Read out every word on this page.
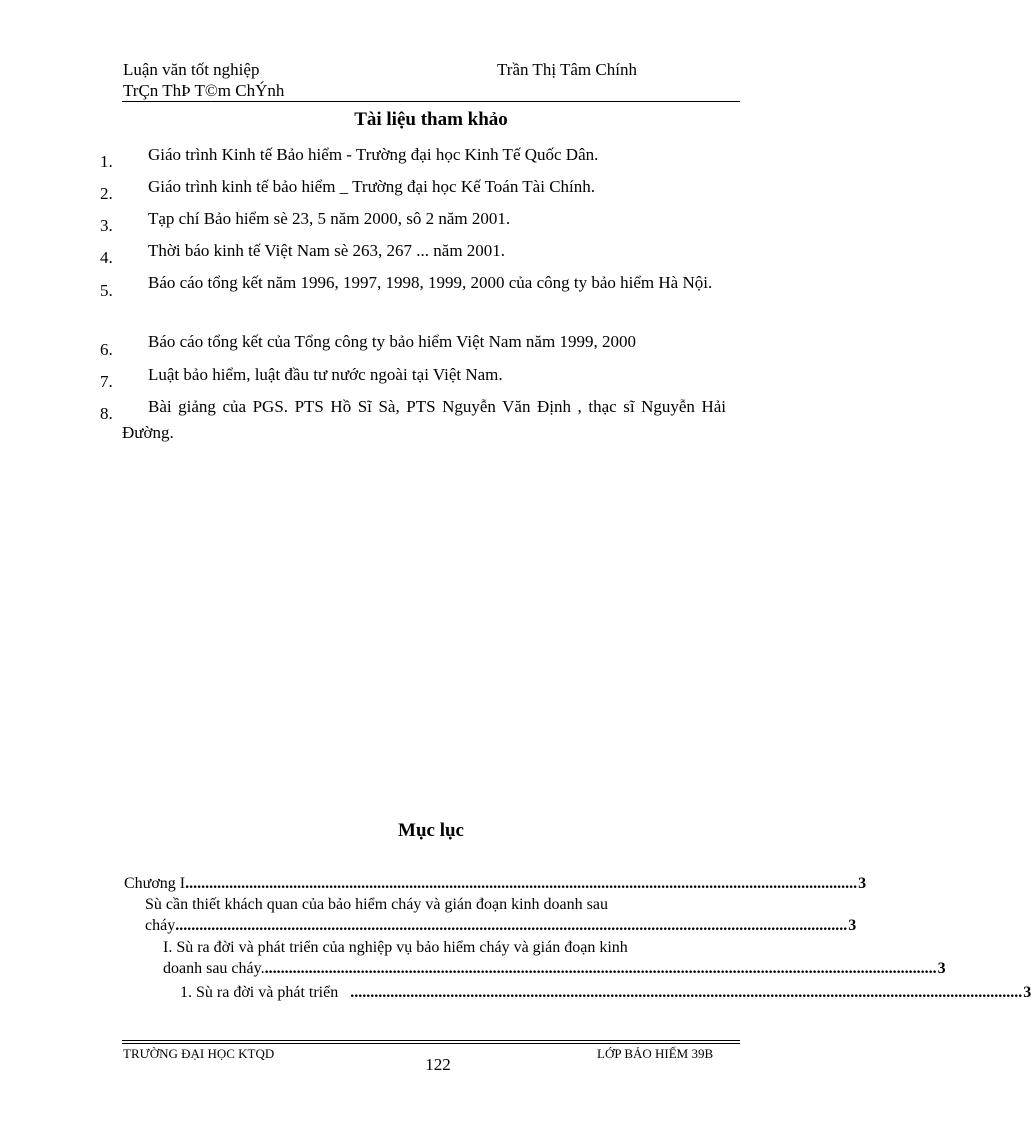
Luận văn tốt nghiệp
TrÇn ThÞ T©m ChÝnh
Trần Thị Tâm Chính
Tài liệu tham khảo
1.	Giáo trình Kinh tế Bảo hiểm - Trường đại học Kinh Tế Quốc Dân.
2.	Giáo trình kinh tế bảo hiểm _ Trường đại học Kế Toán Tài Chính.
3.	Tạp chí Bảo hiểm sè 23, 5 năm 2000, sô 2 năm 2001.
4.	Thời báo kinh tế Việt Nam sè 263, 267 ... năm 2001.
5.	Báo cáo tổng kết năm 1996, 1997, 1998, 1999, 2000 của công ty bảo hiểm Hà Nội.
6.	Báo cáo tổng kết của Tổng công ty bảo hiểm Việt Nam năm 1999, 2000
7.	Luật bảo hiểm, luật đầu tư nước ngoài tại Việt Nam.
8.	Bài giảng của PGS. PTS Hồ Sĩ Sà, PTS Nguyễn Văn Định , thạc sĩ Nguyễn Hải Đường.
Mục lục
Chương I ........................................................................................................................................................................ 3
Sù cần thiết khách quan của bảo hiểm cháy và gián đoạn kinh doanh sau
cháy ........................................................................................................................................................................ 3
I. Sù ra đời và phát triển của nghiệp vụ bảo hiểm cháy và gián đoạn kinh
doanh sau cháy. ........................................................................................................................................................................ 3
1. Sù ra đời và phát triển ........................................................................................................................................................................ 3
TRƯỜNG ĐẠI HỌC KTQD	LỚP BẢO HIỂM 39B
122
